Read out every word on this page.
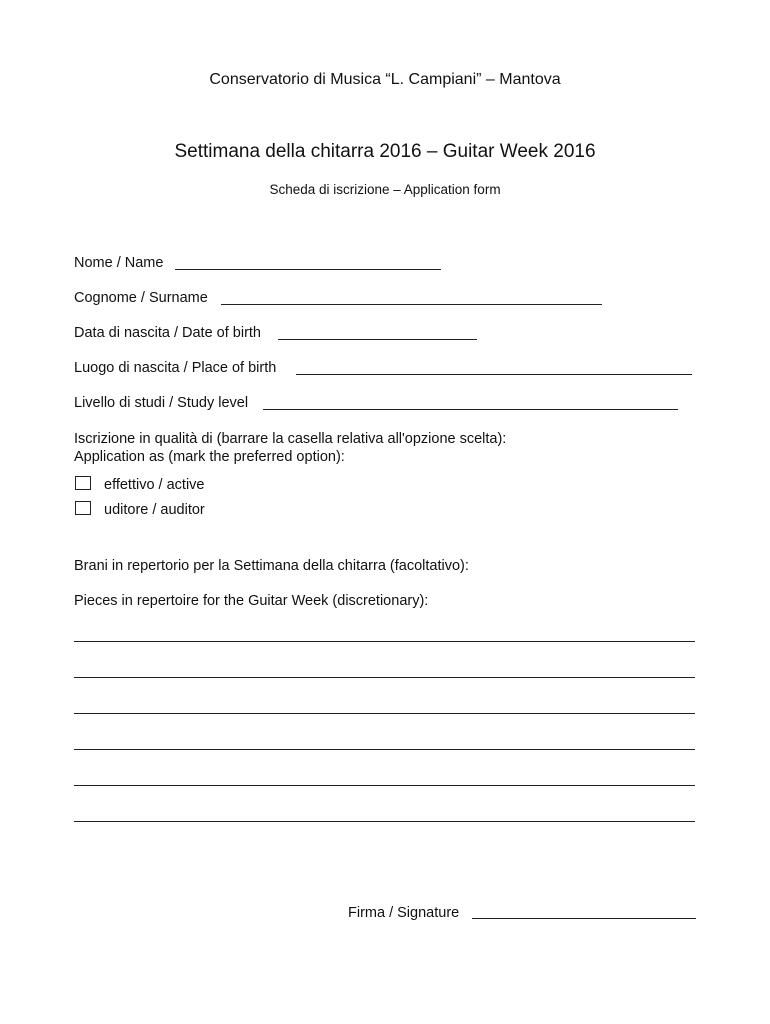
Conservatorio di Musica “L. Campiani” – Mantova
Settimana della chitarra 2016 – Guitar Week 2016
Scheda di iscrizione – Application form
Nome / Name
Cognome / Surname
Data di nascita / Date of birth
Luogo di nascita / Place of birth
Livello di studi / Study level
Iscrizione in qualità di (barrare la casella relativa all'opzione scelta):
Application as (mark the preferred option):
effettivo / active
uditore / auditor
Brani in repertorio per la Settimana della chitarra (facoltativo):
Pieces in repertoire for the Guitar Week (discretionary):
Firma / Signature
